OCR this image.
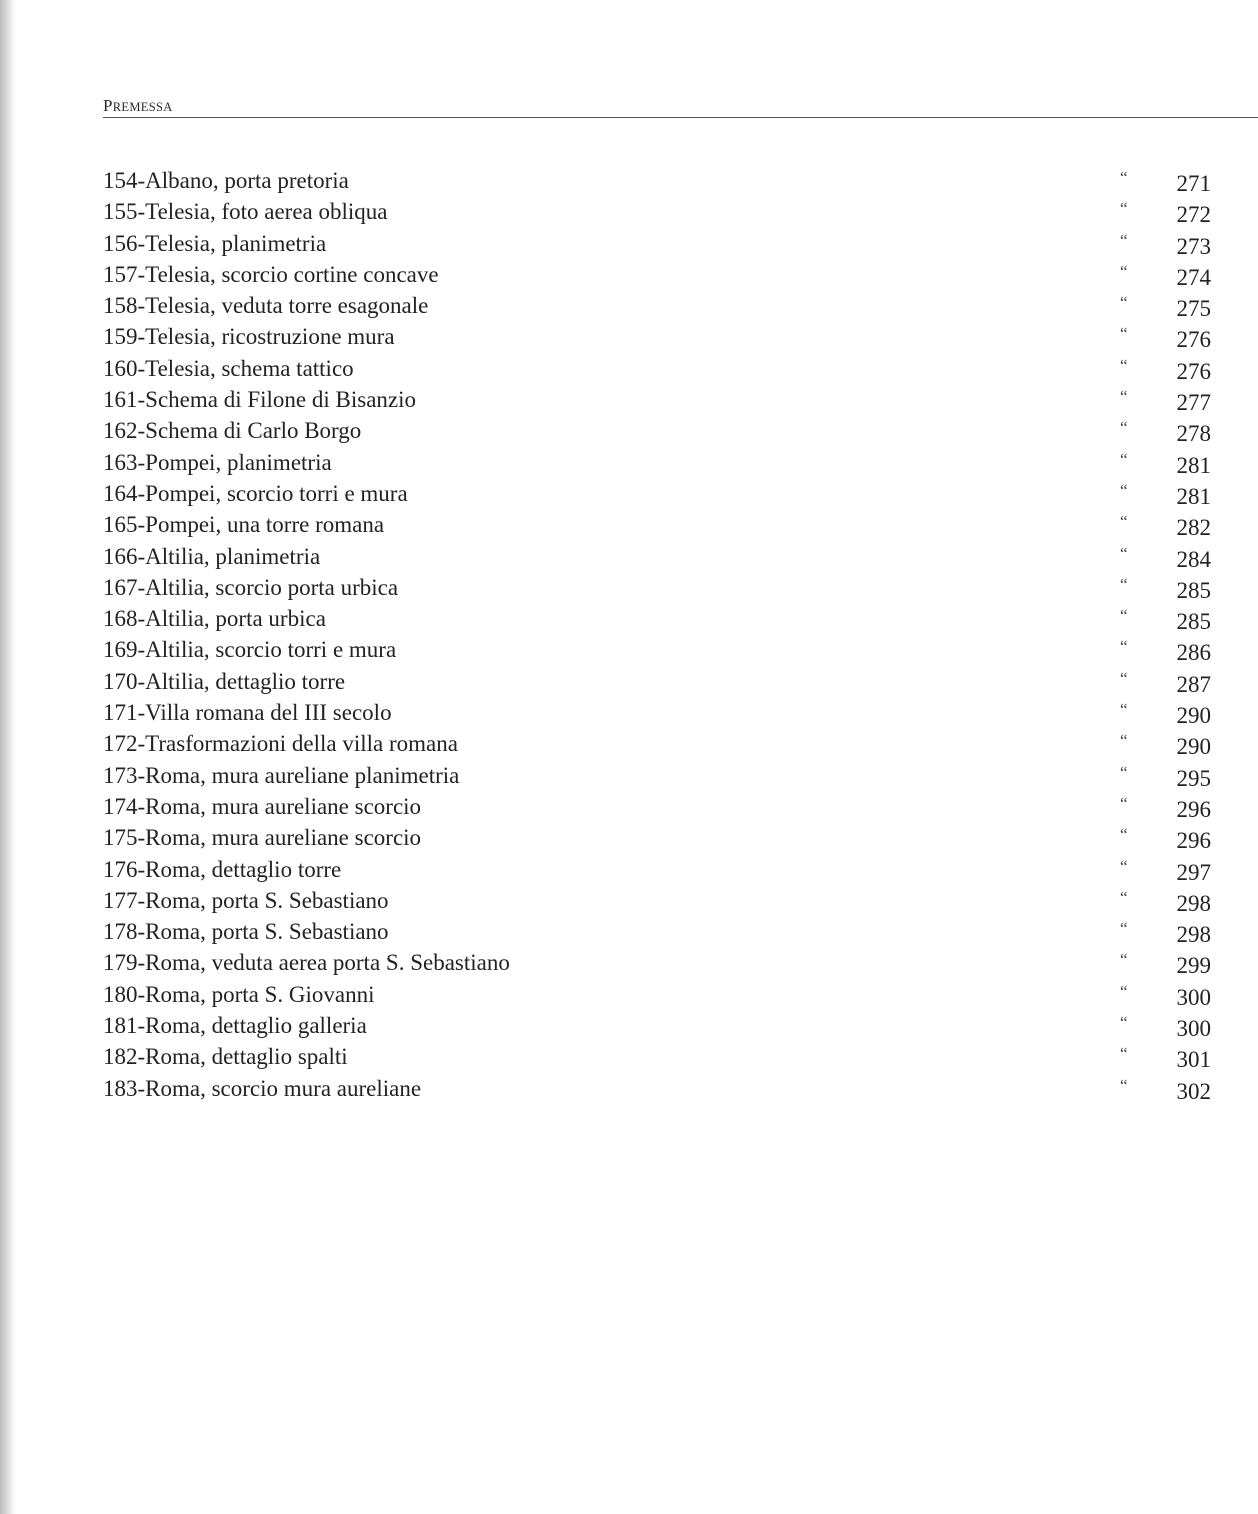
PREMESSA
154-Albano, porta pretoria	“ 271
155-Telesia, foto aerea obliqua	“ 272
156-Telesia, planimetria	“ 273
157-Telesia, scorcio cortine concave	“ 274
158-Telesia, veduta torre esagonale	“ 275
159-Telesia, ricostruzione mura	“ 276
160-Telesia, schema tattico	“ 276
161-Schema di Filone di Bisanzio	“ 277
162-Schema di Carlo Borgo	“ 278
163-Pompei, planimetria	“ 281
164-Pompei, scorcio torri e mura	“ 281
165-Pompei, una torre romana	“ 282
166-Altilia, planimetria	“ 284
167-Altilia, scorcio porta urbica	“ 285
168-Altilia, porta urbica	“ 285
169-Altilia, scorcio torri e mura	“ 286
170-Altilia, dettaglio torre	“ 287
171-Villa romana del III secolo	“ 290
172-Trasformazioni della villa romana	“ 290
173-Roma, mura aureliane planimetria	“ 295
174-Roma, mura aureliane scorcio	“ 296
175-Roma, mura aureliane scorcio	“ 296
176-Roma, dettaglio torre	“ 297
177-Roma, porta S. Sebastiano	“ 298
178-Roma, porta S. Sebastiano	“ 298
179-Roma, veduta aerea porta S. Sebastiano	“ 299
180-Roma, porta S. Giovanni	“ 300
181-Roma, dettaglio galleria	“ 300
182-Roma, dettaglio spalti	“ 301
183-Roma, scorcio mura aureliane	“ 302
